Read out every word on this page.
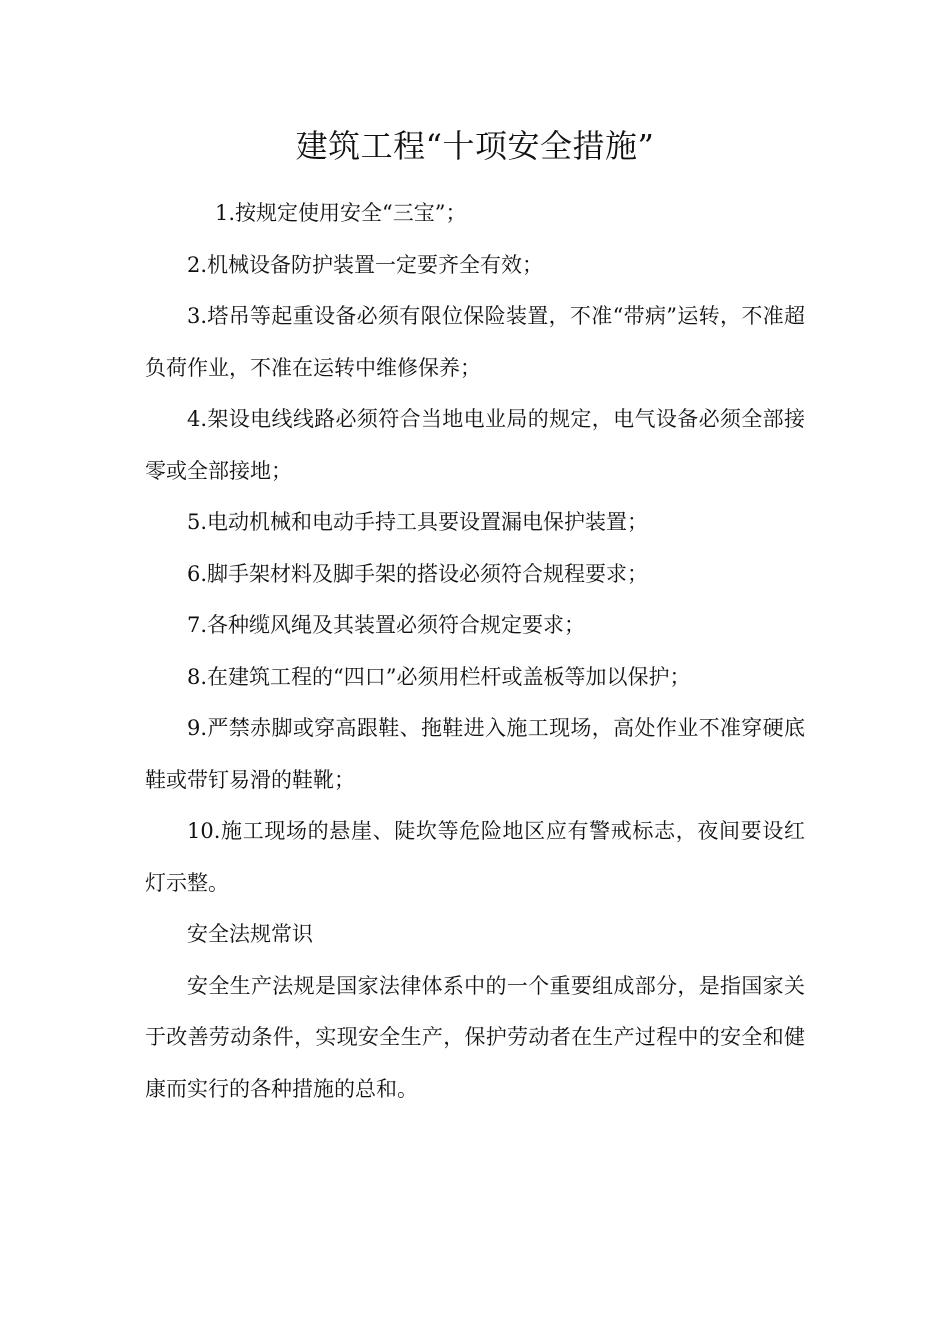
建筑工程“十项安全措施”

1.按规定使用安全“三宝”；

2.机械设备防护装置一定要齐全有效；

3.塔吊等起重设备必须有限位保险装置，不准“带病”运转，不准超负荷作业，不准在运转中维修保养；

4.架设电线线路必须符合当地电业局的规定，电气设备必须全部接零或全部接地；

5.电动机械和电动手持工具要设置漏电保护装置；

6.脚手架材料及脚手架的搭设必须符合规程要求；

7.各种缆风绳及其装置必须符合规定要求；

8.在建筑工程的“四口”必须用栏杆或盖板等加以保护；

9.严禁赤脚或穿高跟鞋、拖鞋进入施工现场，高处作业不准穿硬底鞋或带钉易滑的鞋靴；

10.施工现场的悬崖、陡坎等危险地区应有警戒标志，夜间要设红灯示整。

安全法规常识

安全生产法规是国家法律体系中的一个重要组成部分，是指国家关于改善劳动条件，实现安全生产，保护劳动者在生产过程中的安全和健康而实行的各种措施的总和。
